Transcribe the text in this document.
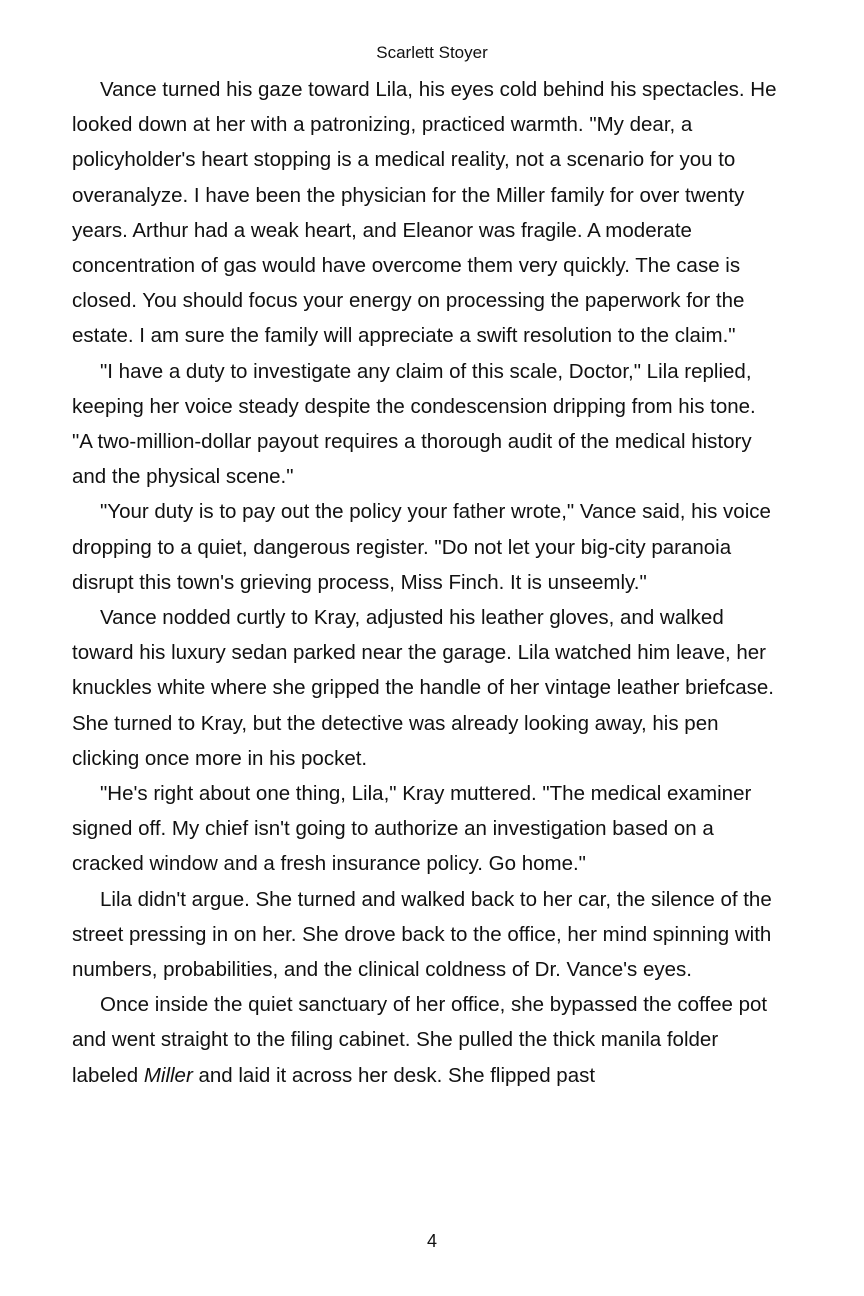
Scarlett Stoyer

Vance turned his gaze toward Lila, his eyes cold behind his spectacles. He looked down at her with a patronizing, practiced warmth. "My dear, a policyholder's heart stopping is a medical reality, not a scenario for you to overanalyze. I have been the physician for the Miller family for over twenty years. Arthur had a weak heart, and Eleanor was fragile. A moderate concentration of gas would have overcome them very quickly. The case is closed. You should focus your energy on processing the paperwork for the estate. I am sure the family will appreciate a swift resolution to the claim."

"I have a duty to investigate any claim of this scale, Doctor," Lila replied, keeping her voice steady despite the condescension dripping from his tone. "A two-million-dollar payout requires a thorough audit of the medical history and the physical scene."

"Your duty is to pay out the policy your father wrote," Vance said, his voice dropping to a quiet, dangerous register. "Do not let your big-city paranoia disrupt this town's grieving process, Miss Finch. It is unseemly."

Vance nodded curtly to Kray, adjusted his leather gloves, and walked toward his luxury sedan parked near the garage. Lila watched him leave, her knuckles white where she gripped the handle of her vintage leather briefcase. She turned to Kray, but the detective was already looking away, his pen clicking once more in his pocket.

"He's right about one thing, Lila," Kray muttered. "The medical examiner signed off. My chief isn't going to authorize an investigation based on a cracked window and a fresh insurance policy. Go home."

Lila didn't argue. She turned and walked back to her car, the silence of the street pressing in on her. She drove back to the office, her mind spinning with numbers, probabilities, and the clinical coldness of Dr. Vance's eyes.

Once inside the quiet sanctuary of her office, she bypassed the coffee pot and went straight to the filing cabinet. She pulled the thick manila folder labeled Miller and laid it across her desk. She flipped past

4
